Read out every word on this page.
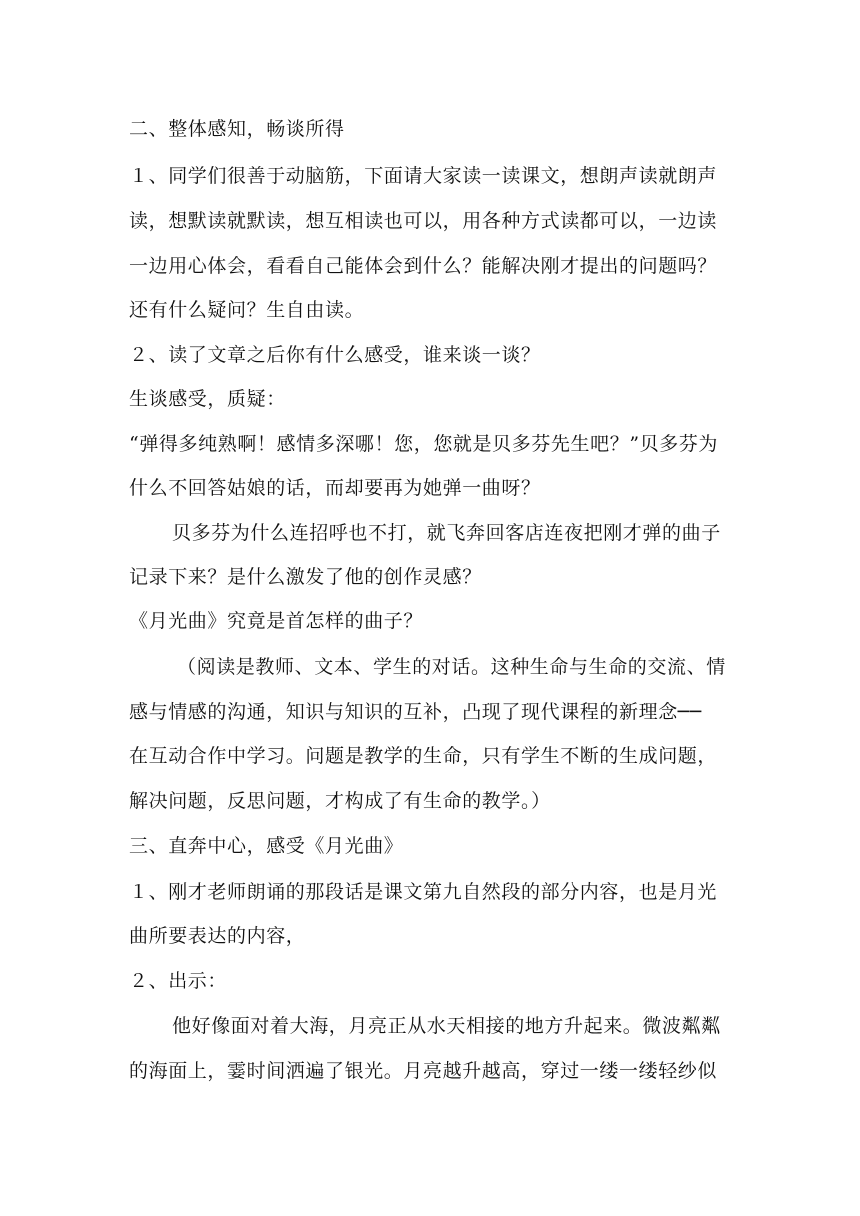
二、整体感知，畅谈所得
１、同学们很善于动脑筋，下面请大家读一读课文，想朗声读就朗声
读，想默读就默读，想互相读也可以，用各种方式读都可以，一边读
一边用心体会，看看自己能体会到什么？能解决刚才提出的问题吗？
还有什么疑问？生自由读。
２、读了文章之后你有什么感受，谁来谈一谈？
生谈感受，质疑：
“弹得多纯熟啊！感情多深哪！您，您就是贝多芬先生吧？”贝多芬为
什么不回答姑娘的话，而却要再为她弹一曲呀？
贝多芬为什么连招呼也不打，就飞奔回客店连夜把刚才弹的曲子
记录下来？是什么激发了他的创作灵感？
《月光曲》究竟是首怎样的曲子？
（阅读是教师、文本、学生的对话。这种生命与生命的交流、情
感与情感的沟通，知识与知识的互补，凸现了现代课程的新理念──
在互动合作中学习。问题是教学的生命，只有学生不断的生成问题，
解决问题，反思问题，才构成了有生命的教学。）
三、直奔中心，感受《月光曲》
１、刚才老师朗诵的那段话是课文第九自然段的部分内容，也是月光
曲所要表达的内容，
２、出示：
他好像面对着大海，月亮正从水天相接的地方升起来。微波粼粼
的海面上，霎时间洒遍了银光。月亮越升越高，穿过一缕一缕轻纱似
